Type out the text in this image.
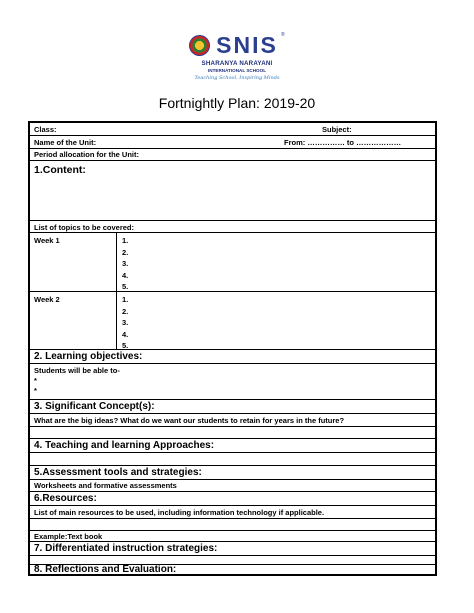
SNIS ®
SHARANYA NARAYANI
INTERNATIONAL SCHOOL
Teaching School, Inspiring Minds
Fortnightly Plan: 2019-20
Class:	Subject:
Name of the Unit:	From: …………… to ………………
Period allocation for the Unit:
1.Content:
List of topics to be covered:
Week 1	1.
2.
3.
4.
5.
Week 2	1.
2.
3.
4.
5.
2. Learning objectives:
Students will be able to-
*
*
3. Significant Concept(s):
What are the big ideas? What do we want our students to retain for years in the future?
4. Teaching and learning Approaches:
5.Assessment tools and strategies:
Worksheets and formative assessments
6.Resources:
List of main resources to be used, including information technology if applicable.
Example:Text book
7. Differentiated instruction strategies:
8. Reflections and Evaluation:
